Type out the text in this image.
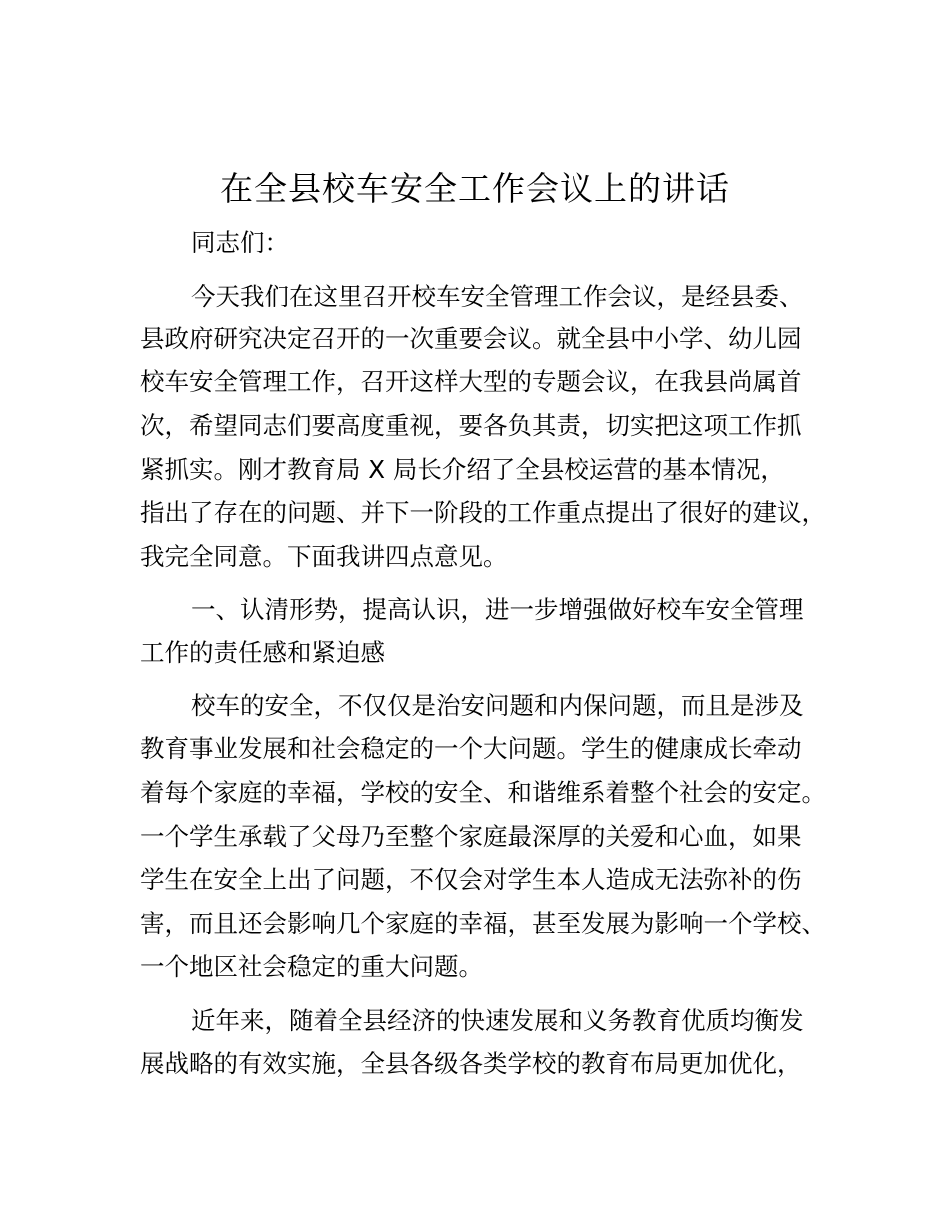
在全县校车安全工作会议上的讲话
同志们：
今天我们在这里召开校车安全管理工作会议，是经县委、
县政府研究决定召开的一次重要会议。就全县中小学、幼儿园
校车安全管理工作，召开这样大型的专题会议，在我县尚属首
次，希望同志们要高度重视，要各负其责，切实把这项工作抓
紧抓实。刚才教育局 X 局长介绍了全县校运营的基本情况，
指出了存在的问题、并下一阶段的工作重点提出了很好的建议，
我完全同意。下面我讲四点意见。
一、认清形势，提高认识，进一步增强做好校车安全管理
工作的责任感和紧迫感
校车的安全，不仅仅是治安问题和内保问题，而且是涉及
教育事业发展和社会稳定的一个大问题。学生的健康成长牵动
着每个家庭的幸福，学校的安全、和谐维系着整个社会的安定。
一个学生承载了父母乃至整个家庭最深厚的关爱和心血，如果
学生在安全上出了问题，不仅会对学生本人造成无法弥补的伤
害，而且还会影响几个家庭的幸福，甚至发展为影响一个学校、
一个地区社会稳定的重大问题。
近年来，随着全县经济的快速发展和义务教育优质均衡发
展战略的有效实施，全县各级各类学校的教育布局更加优化，
